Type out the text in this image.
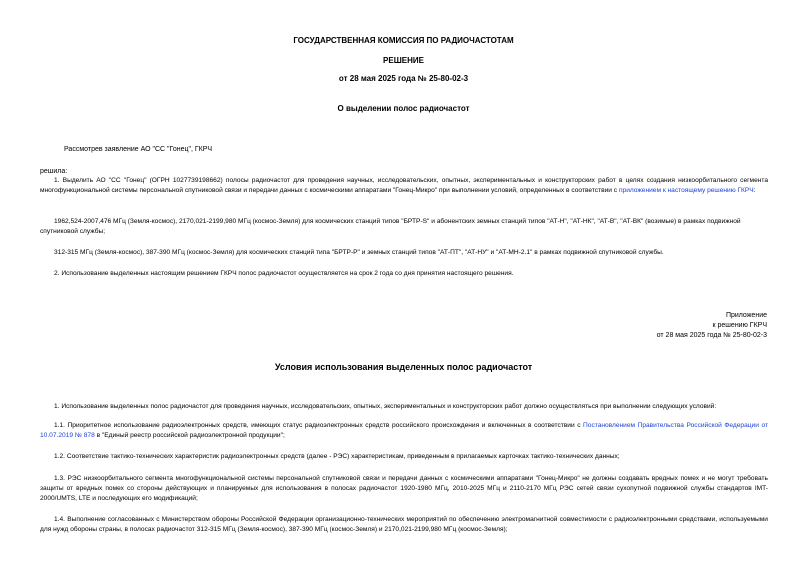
ГОСУДАРСТВЕННАЯ КОМИССИЯ ПО РАДИОЧАСТОТАМ
РЕШЕНИЕ
от 28 мая 2025 года № 25-80-02-3
О выделении полос радиочастот
Рассмотрев заявление АО "СС "Гонец", ГКРЧ
решила:
1. Выделить АО "СС "Гонец" (ОГРН 1027739198662) полосы радиочастот для проведения научных, исследовательских, опытных, экспериментальных и конструкторских работ в целях создания низкоорбитального сегмента многофункциональной системы персональной спутниковой связи и передачи данных с космическими аппаратами "Гонец-Микро" при выполнении условий, определенных в соответствии с приложением к настоящему решению ГКРЧ:
1962,524-2007,476 МГц (Земля-космос), 2170,021-2199,980 МГц (космос-Земля) для космических станций типов "БРТР-S" и абонентских земных станций типов "АТ-Н", "АТ-НК", "АТ-В", "АТ-ВК" (возимые) в рамках подвижной спутниковой службы;
312-315 МГц (Земля-космос), 387-390 МГц (космос-Земля) для космических станций типа "БРТР-Р" и земных станций типов "АТ-ПТ", "АТ-НУ" и "АТ-МН-2.1" в рамках подвижной спутниковой службы.
2. Использование выделенных настоящим решением ГКРЧ полос радиочастот осуществляется на срок 2 года со дня принятия настоящего решения.
Приложение
к решению ГКРЧ
от 28 мая 2025 года № 25-80-02-3
Условия использования выделенных полос радиочастот
1. Использование выделенных полос радиочастот для проведения научных, исследовательских, опытных, экспериментальных и конструкторских работ должно осуществляться при выполнении следующих условий:
1.1. Приоритетное использование радиоэлектронных средств, имеющих статус радиоэлектронных средств российского происхождения и включенных в соответствии с Постановлением Правительства Российской Федерации от 10.07.2019 № 878 в "Единый реестр российской радиоэлектронной продукции";
1.2. Соответствие тактико-технических характеристик радиоэлектронных средств (далее - РЭС) характеристикам, приведенным в прилагаемых карточках тактико-технических данных;
1.3. РЭС низкоорбитального сегмента многофункциональной системы персональной спутниковой связи и передачи данных с космическими аппаратами "Гонец-Микро" не должны создавать вредных помех и не могут требовать защиты от вредных помех со стороны действующих и планируемых для использования в полосах радиочастот 1920-1980 МГц, 2010-2025 МГц и 2110-2170 МГц РЭС сетей связи сухопутной подвижной службы стандартов IMT-2000/UMTS, LTE и последующих его модификаций;
1.4. Выполнение согласованных с Министерством обороны Российской Федерации организационно-технических мероприятий по обеспечению электромагнитной совместимости с радиоэлектронными средствами, используемыми для нужд обороны страны, в полосах радиочастот 312-315 МГц (Земля-космос), 387-390 МГц (космос-Земля) и 2170,021-2199,980 МГц (космос-Земля);
